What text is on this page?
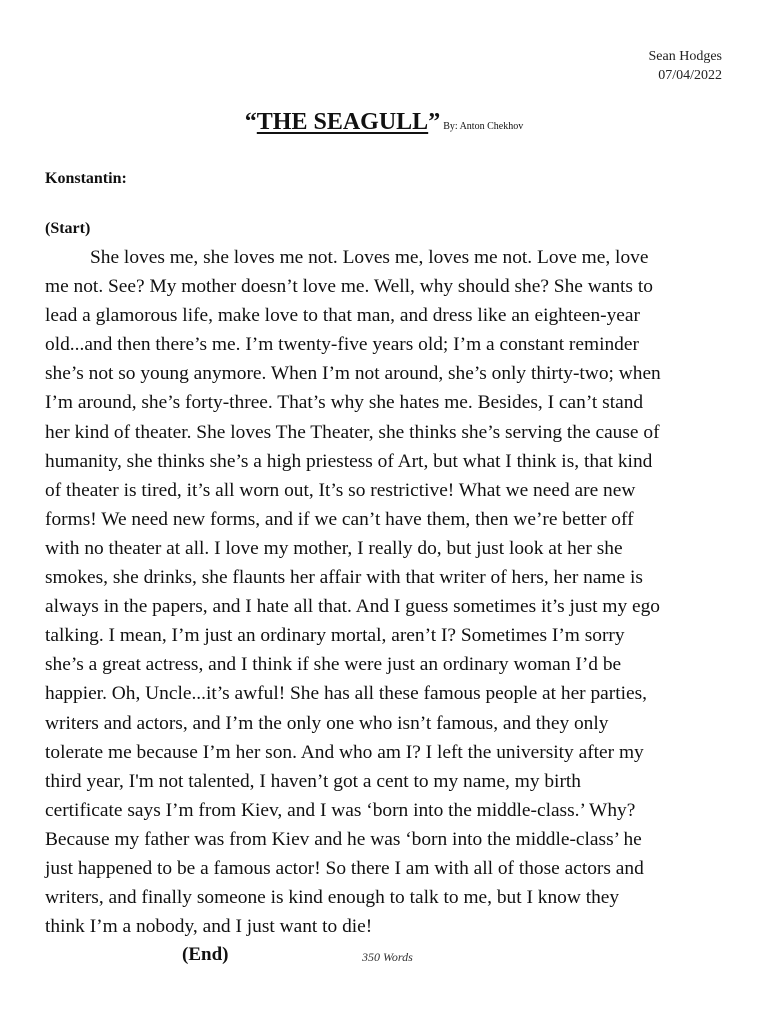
Sean Hodges
07/04/2022
“THE SEAGULL” By: Anton Chekhov
Konstantin:
(Start)

She loves me, she loves me not. Loves me, loves me not. Love me, love
me not. See? My mother doesn’t love me. Well, why should she? She wants to
lead a glamorous life, make love to that man, and dress like an eighteen-year
old...and then there’s me. I’m twenty-five years old; I’m a constant reminder
she’s not so young anymore. When I’m not around, she’s only thirty-two; when
I’m around, she’s forty-three. That’s why she hates me. Besides, I can’t stand
her kind of theater. She loves The Theater, she thinks she’s serving the cause of
humanity, she thinks she’s a high priestess of Art, but what I think is, that kind
of theater is tired, it’s all worn out, It’s so restrictive! What we need are new
forms! We need new forms, and if we can’t have them, then we’re better off
with no theater at all. I love my mother, I really do, but just look at her she
smokes, she drinks, she flaunts her affair with that writer of hers, her name is
always in the papers, and I hate all that. And I guess sometimes it’s just my ego
talking. I mean, I’m just an ordinary mortal, aren’t I? Sometimes I’m sorry
she’s a great actress, and I think if she were just an ordinary woman I’d be
happier. Oh, Uncle...it’s awful! She has all these famous people at her parties,
writers and actors, and I’m the only one who isn’t famous, and they only
tolerate me because I’m her son. And who am I? I left the university after my
third year, I'm not talented, I haven’t got a cent to my name, my birth
certificate says I’m from Kiev, and I was ‘born into the middle-class.’ Why?
Because my father was from Kiev and he was ‘born into the middle-class’ he
just happened to be a famous actor! So there I am with all of those actors and
writers, and finally someone is kind enough to talk to me, but I know they
think I’m a nobody, and I just want to die!

(End)	350 Words
